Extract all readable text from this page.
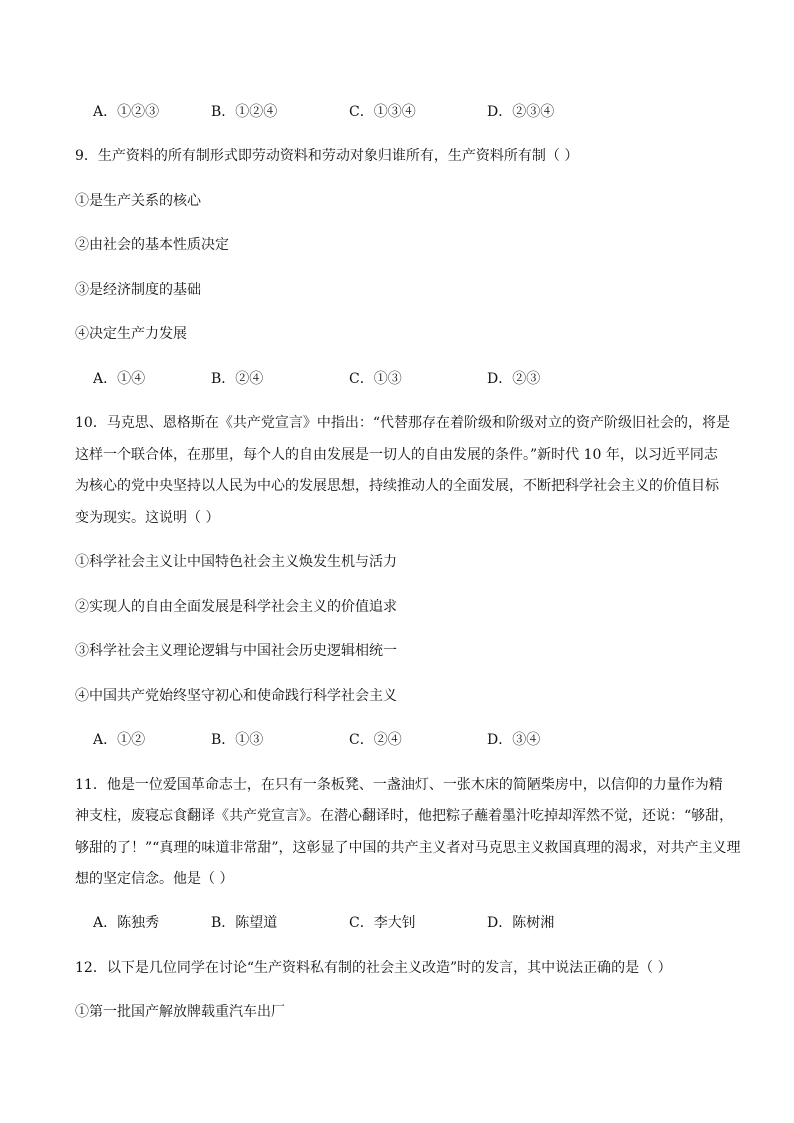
A．①②③	B．①②④	C．①③④	D．②③④
9．生产资料的所有制形式即劳动资料和劳动对象归谁所有，生产资料所有制（ ）
①是生产关系的核心
②由社会的基本性质决定
③是经济制度的基础
④决定生产力发展
A．①④	B．②④	C．①③	D．②③
10．马克思、恩格斯在《共产党宣言》中指出：“代替那存在着阶级和阶级对立的资产阶级旧社会的，将是
这样一个联合体，在那里，每个人的自由发展是一切人的自由发展的条件。”新时代 10 年，以习近平同志
为核心的党中央坚持以人民为中心的发展思想，持续推动人的全面发展，不断把科学社会主义的价值目标
变为现实。这说明（ ）
①科学社会主义让中国特色社会主义焕发生机与活力
②实现人的自由全面发展是科学社会主义的价值追求
③科学社会主义理论逻辑与中国社会历史逻辑相统一
④中国共产党始终坚守初心和使命践行科学社会主义
A．①②	B．①③	C．②④	D．③④
11．他是一位爱国革命志士，在只有一条板凳、一盏油灯、一张木床的简陋柴房中，以信仰的力量作为精
神支柱，废寝忘食翻译《共产党宣言》。在潜心翻译时，他把粽子蘸着墨汁吃掉却浑然不觉，还说：“够甜，
够甜的了！”“真理的味道非常甜”，这彰显了中国的共产主义者对马克思主义救国真理的渴求，对共产主义理
想的坚定信念。他是（ ）
A．陈独秀	B．陈望道	C．李大钊	D．陈树湘
12．以下是几位同学在讨论“生产资料私有制的社会主义改造”时的发言，其中说法正确的是（ ）
①第一批国产解放牌载重汽车出厂
